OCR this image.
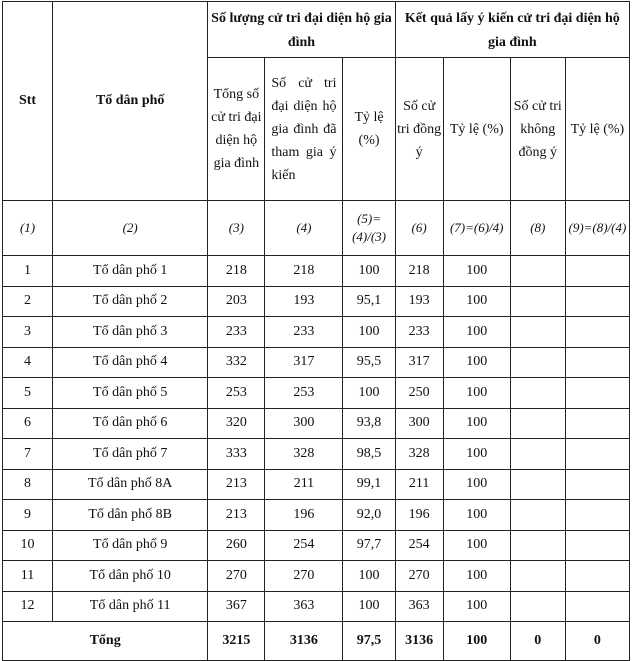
Stt	Tổ dân phố	Số lượng cử tri đại diện hộ gia đình			Kết quả lấy ý kiến cử tri đại diện hộ gia đình			
		Tổng số cử tri đại diện hộ gia đình	Số cử tri đại diện hộ gia đình đã tham gia ý kiến	Tỷ lệ (%)	Số cử tri đồng ý	Tỷ lệ (%)	Số cử tri không đồng ý	Tỷ lệ (%)
(1)	(2)	(3)	(4)	(5)=(4)/(3)	(6)	(7)=(6)/4)	(8)	(9)=(8)/(4)
1	Tổ dân phố 1	218	218	100	218	100		
2	Tổ dân phố 2	203	193	95,1	193	100		
3	Tổ dân phố 3	233	233	100	233	100		
4	Tổ dân phố 4	332	317	95,5	317	100		
5	Tổ dân phố 5	253	253	100	250	100		
6	Tổ dân phố 6	320	300	93,8	300	100		
7	Tổ dân phố 7	333	328	98,5	328	100		
8	Tổ dân phố 8A	213	211	99,1	211	100		
9	Tổ dân phố 8B	213	196	92,0	196	100		
10	Tổ dân phố 9	260	254	97,7	254	100		
11	Tổ dân phố 10	270	270	100	270	100		
12	Tổ dân phố 11	367	363	100	363	100		
Tổng		3215	3136	97,5	3136	100	0	0
